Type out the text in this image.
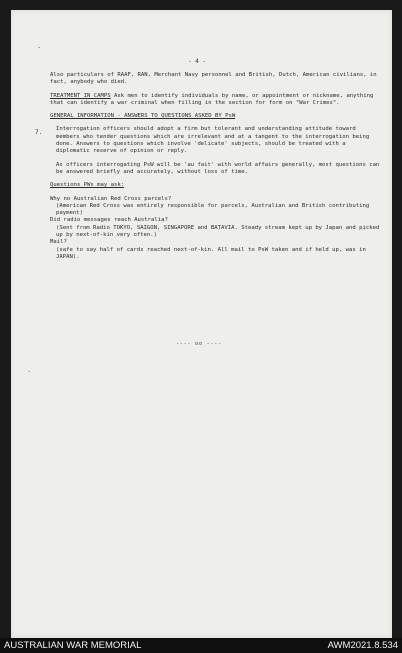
- 4 -
·
·

Also particulars of RAAF, RAN, Merchant Navy personnel and British, Dutch, American civilians, in fact, anybody who died.

TREATMENT IN CAMPS Ask men to identify individuals by name, or appointment or nickname, anything that can identify a war criminal when filling in the section for form on "War Crimes".

GENERAL INFORMATION - ANSWERS TO QUESTIONS ASKED BY PsW

Interrogation officers should adopt a firm but tolerant and understanding attitude toward members who tender questions which are irrelevant and at a tangent to the interrogation being done. Answers to questions which involve 'delicate' subjects, should be treated with a diplomatic reserve of opinion or reply.

As officers interrogating PsW will be 'au fait' with world affairs generally, most questions can be answered briefly and accurately, without loss of time.

Questions PWs may ask:

Why no Australian Red Cross parcels?

(American Red Cross was entirely responsible for parcels, Australian and British contributing payment)

Did radio messages reach Australia?

(Sent from Radio TOKYO, SAIGON, SINGAPORE and BATAVIA. Steady stream kept up by Japan and picked up by next-of-kin very often.)

Mail?

(safe to say half of cards reached next-of-kin. All mail to PsW taken and if held up, was in JAPAN).

7.
---- oo ----
AUSTRALIAN WAR MEMORIAL	AWM2021.8.534
